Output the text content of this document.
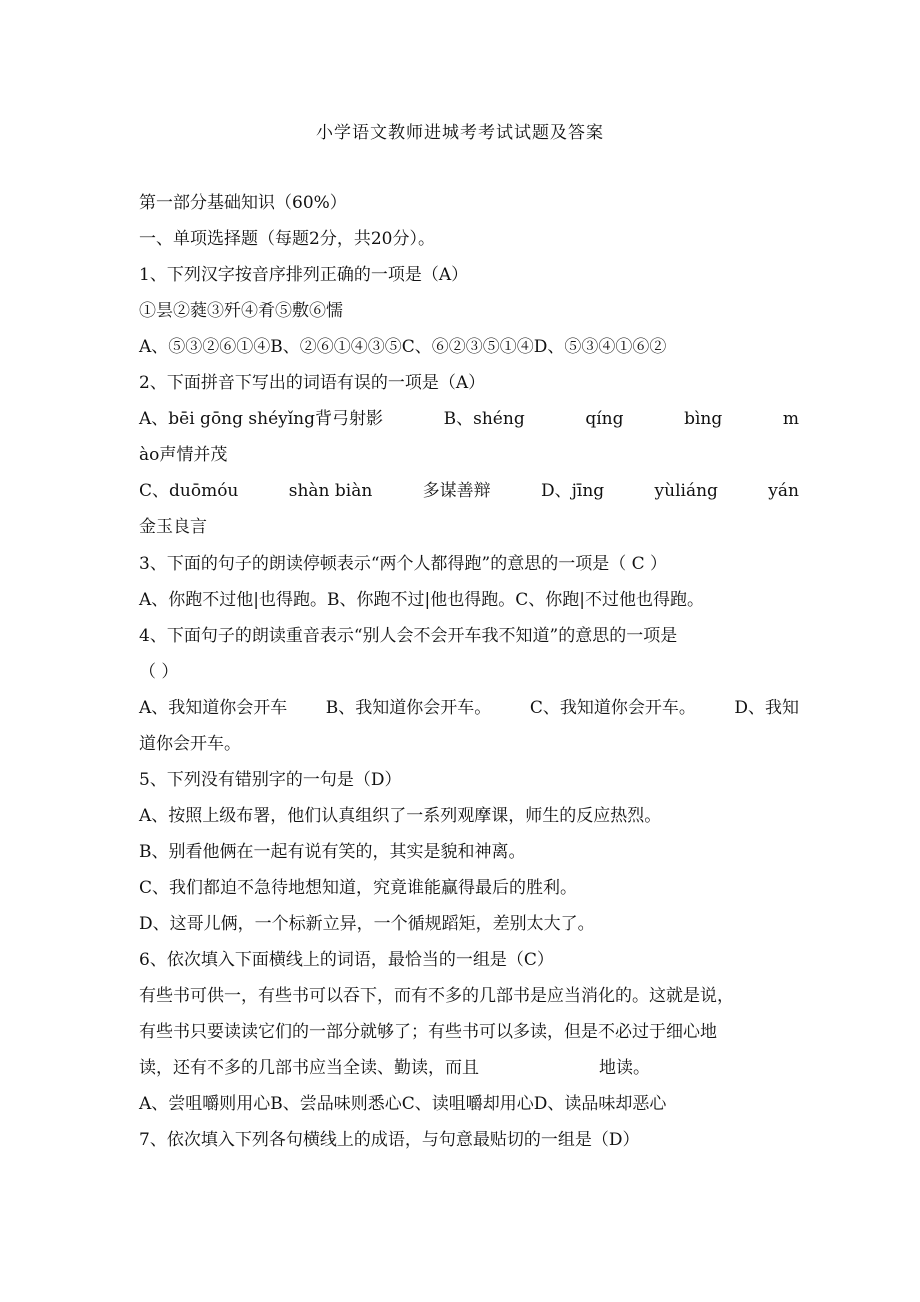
小学语文教师进城考考试试题及答案
第一部分基础知识（60%）
一、单项选择题（每题2分，共20分）。
1、下列汉字按音序排列正确的一项是（A）
①昙②蕤③歼④肴⑤敷⑥懦
A、⑤③②⑥①④B、②⑥①④③⑤C、⑥②③⑤①④D、⑤③④①⑥②
2、下面拼音下写出的词语有误的一项是（A）
A、bēi gōng shéyǐng背弓射影	B、shéng	qíng	bìng	m
ào声情并茂
C、duōmóu	shàn biàn	多谋善辩	D、jīng	yùliáng	yán
金玉良言
3、下面的句子的朗读停顿表示“两个人都得跑”的意思的一项是（ C ）
A、你跑不过他|也得跑。B、你跑不过|他也得跑。C、你跑|不过他也得跑。
4、下面句子的朗读重音表示“别人会不会开车我不知道”的意思的一项是
（ ）
A、我知道你会开车 B、我知道你会开车。 C、我知道你会开车。 D、我知
道你会开车。
5、下列没有错别字的一句是（D）
A、按照上级布署，他们认真组织了一系列观摩课，师生的反应热烈。
B、别看他俩在一起有说有笑的，其实是貌和神离。
C、我们都迫不急待地想知道，究竟谁能赢得最后的胜利。
D、这哥儿俩，一个标新立异，一个循规蹈矩，差别太大了。
6、依次填入下面横线上的词语，最恰当的一组是（C）
有些书可供一，有些书可以吞下，而有不多的几部书是应当消化的。这就是说，
有些书只要读读它们的一部分就够了；有些书可以多读，但是不必过于细心地
读，还有不多的几部书应当全读、勤读，而且	地读。
A、尝咀嚼则用心B、尝品味则悉心C、读咀嚼却用心D、读品味却恶心
7、依次填入下列各句横线上的成语，与句意最贴切的一组是（D）
